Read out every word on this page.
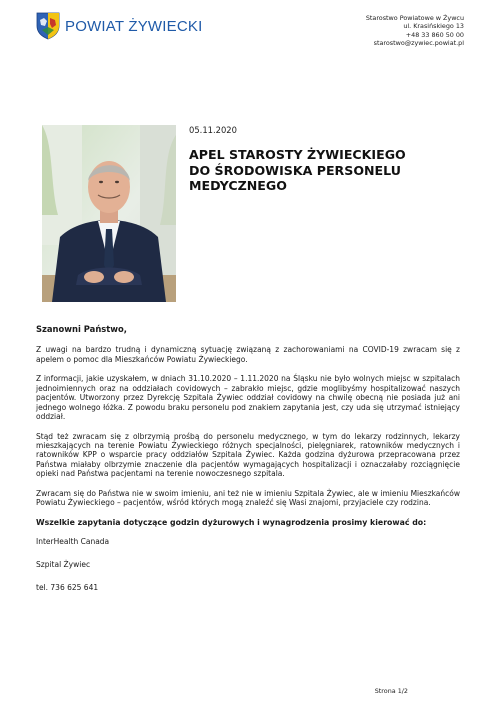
POWIAT ŻYWIECKI	Starostwo Powiatowe w Żywcu
ul. Krasińskiego 13
+48 33 860 50 00
starostwo@zywiec.powiat.pl
05.11.2020
APEL STAROSTY ŻYWIECKIEGO DO ŚRODOWISKA PERSONELU MEDYCZNEGO

Szanowni Państwo,

Z uwagi na bardzo trudną i dynamiczną sytuację związaną z zachorowaniami na COVID-19 zwracam się z apelem o pomoc dla Mieszkańców Powiatu Żywieckiego.

Z informacji, jakie uzyskałem, w dniach 31.10.2020 – 1.11.2020 na Śląsku nie było wolnych miejsc w szpitalach jednoimiennych oraz na oddziałach covidowych – zabrakło miejsc, gdzie moglibyśmy hospitalizować naszych pacjentów. Utworzony przez Dyrekcję Szpitala Żywiec oddział covidowy na chwilę obecną nie posiada już ani jednego wolnego łóżka. Z powodu braku personelu pod znakiem zapytania jest, czy uda się utrzymać istniejący oddział.

Stąd też zwracam się z olbrzymią prośbą do personelu medycznego, w tym do lekarzy rodzinnych, lekarzy mieszkających na terenie Powiatu Żywieckiego różnych specjalności, pielęgniarek, ratowników medycznych i ratowników KPP o wsparcie pracy oddziałów Szpitala Żywiec. Każda godzina dyżurowa przepracowana przez Państwa miałaby olbrzymie znaczenie dla pacjentów wymagających hospitalizacji i oznaczałaby rozciągnięcie opieki nad Państwa pacjentami na terenie nowoczesnego szpitala.

Zwracam się do Państwa nie w swoim imieniu, ani też nie w imieniu Szpitala Żywiec, ale w imieniu Mieszkańców Powiatu Żywieckiego – pacjentów, wśród których mogą znaleźć się Wasi znajomi, przyjaciele czy rodzina.

Wszelkie zapytania dotyczące godzin dyżurowych i wynagrodzenia prosimy kierować do:

InterHealth Canada

Szpital Żywiec

tel. 736 625 641

Strona 1/2
